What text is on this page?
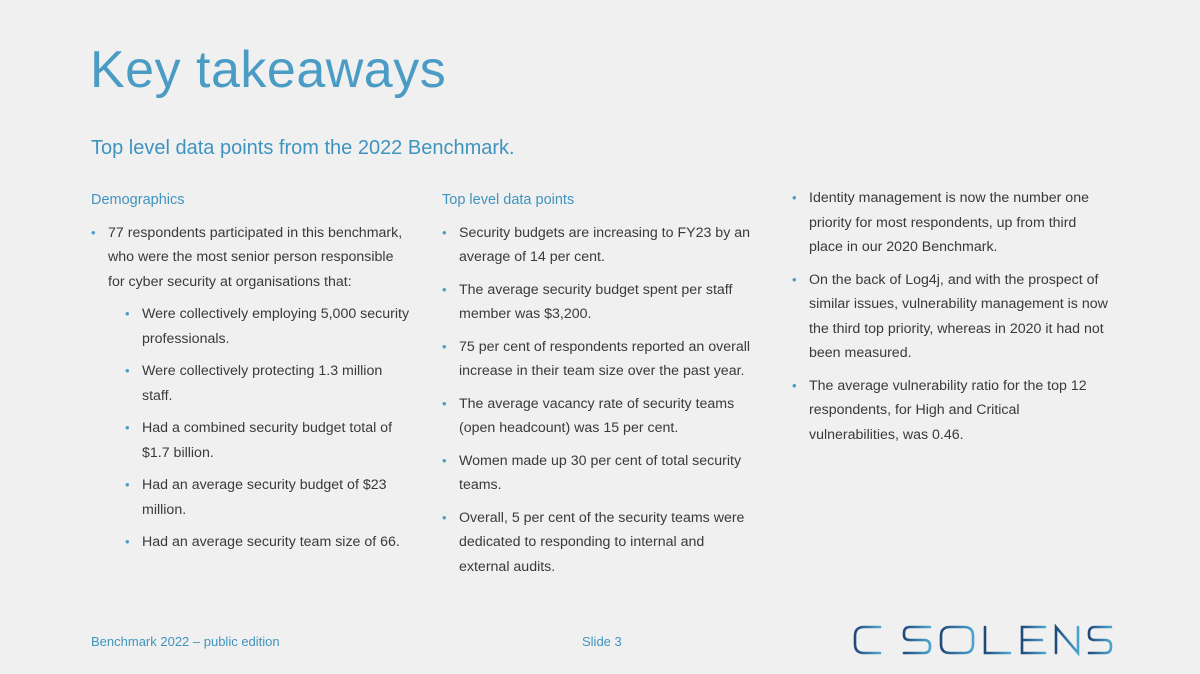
Key takeaways
Top level data points from the 2022 Benchmark.
Demographics
• 77 respondents participated in this benchmark, who were the most senior person responsible for cyber security at organisations that:
• Were collectively employing 5,000 security professionals.
• Were collectively protecting 1.3 million staff.
• Had a combined security budget total of $1.7 billion.
• Had an average security budget of $23 million.
• Had an average security team size of 66.
Top level data points
• Security budgets are increasing to FY23 by an average of 14 per cent.
• The average security budget spent per staff member was $3,200.
• 75 per cent of respondents reported an overall increase in their team size over the past year.
• The average vacancy rate of security teams (open headcount) was 15 per cent.
• Women made up 30 per cent of total security teams.
• Overall, 5 per cent of the security teams were dedicated to responding to internal and external audits.
• Identity management is now the number one priority for most respondents, up from third place in our 2020 Benchmark.
• On the back of Log4j, and with the prospect of similar issues, vulnerability management is now the third top priority, whereas in 2020 it had not been measured.
• The average vulnerability ratio for the top 12 respondents, for High and Critical vulnerabilities, was 0.46.
Benchmark 2022 – public edition	Slide 3
